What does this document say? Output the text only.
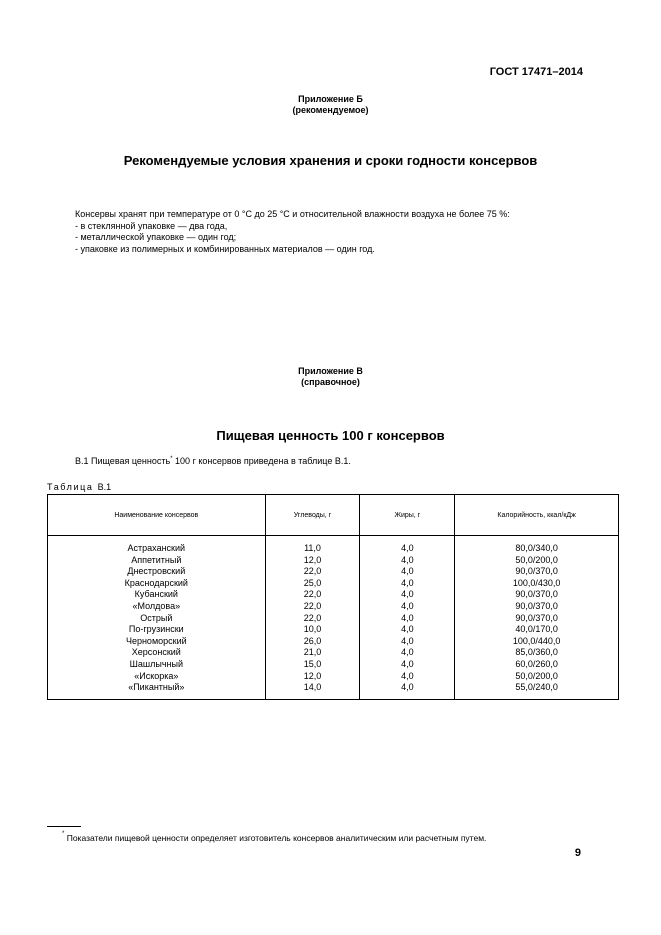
ГОСТ 17471–2014
Приложение Б
(рекомендуемое)
Рекомендуемые условия хранения и сроки годности консервов
Консервы хранят при температуре от 0 °С до 25 °С и относительной влажности воздуха не более 75 %:
- в стеклянной упаковке — два года,
- металлической упаковке — один год;
- упаковке из полимерных и комбинированных материалов — один год.
Приложение В
(справочное)
Пищевая ценность 100 г консервов
В.1 Пищевая ценность* 100 г консервов приведена в таблице В.1.
Таблица В.1
Наименование консервов	Углеводы, г	Жиры, г	Калорийность, ккал/кДж

Астраханский	11,0	4,0	80,0/340,0
Аппетитный	12,0	4,0	50,0/200,0
Днестровский	22,0	4,0	90,0/370,0
Краснодарский	25,0	4,0	100,0/430,0
Кубанский	22,0	4,0	90,0/370,0
«Молдова»	22,0	4,0	90,0/370,0
Острый	22,0	4,0	90,0/370,0
По-грузински	10,0	4,0	40,0/170,0
Черноморский	26,0	4,0	100,0/440,0
Херсонский	21,0	4,0	85,0/360,0
Шашлычный	15,0	4,0	60,0/260,0
«Искорка»	12,0	4,0	50,0/200,0
«Пикантный»	14,0	4,0	55,0/240,0
* Показатели пищевой ценности определяет изготовитель консервов аналитическим или расчетным путем.
9
